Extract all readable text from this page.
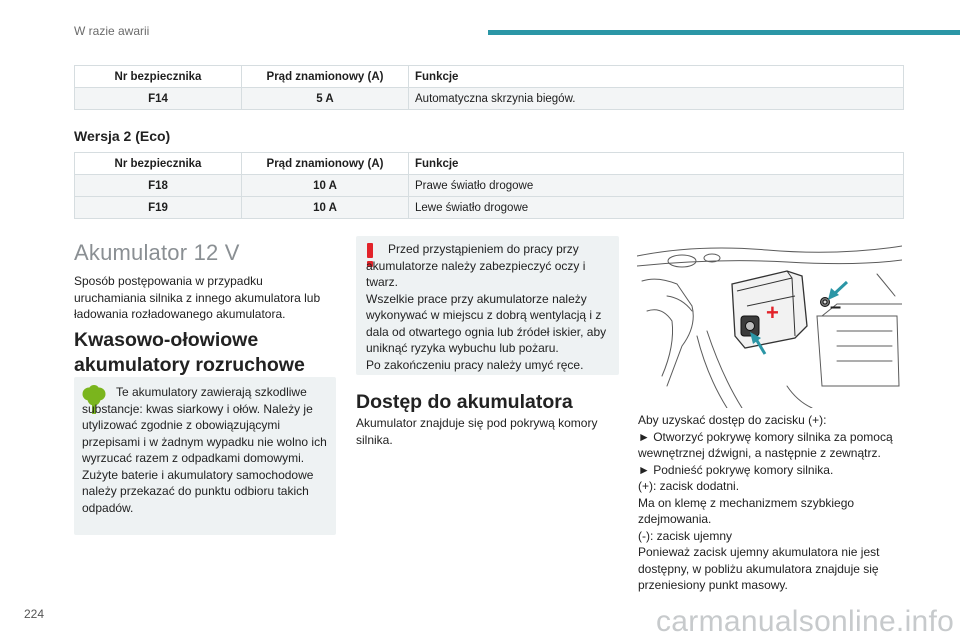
W razie awarii
Nr bezpiecznika	Prąd znamionowy (A)	Funkcje
F14	5 A	Automatyczna skrzynia biegów.
Wersja 2 (Eco)
Nr bezpiecznika	Prąd znamionowy (A)	Funkcje
F18	10 A	Prawe światło drogowe
F19	10 A	Lewe światło drogowe
Akumulator 12 V
Sposób postępowania w przypadku uruchamiania silnika z innego akumulatora lub ładowania rozładowanego akumulatora.
Kwasowo-ołowiowe akumulatory rozruchowe
Te akumulatory zawierają szkodliwe substancje: kwas siarkowy i ołów. Należy je utylizować zgodnie z obowiązującymi przepisami i w żadnym wypadku nie wolno ich wyrzucać razem z odpadkami domowymi.
Zużyte baterie i akumulatory samochodowe należy przekazać do punktu odbioru takich odpadów.
Przed przystąpieniem do pracy przy akumulatorze należy zabezpieczyć oczy i twarz.
Wszelkie prace przy akumulatorze należy wykonywać w miejscu z dobrą wentylacją i z dala od otwartego ognia lub źródeł iskier, aby uniknąć ryzyka wybuchu lub pożaru.
Po zakończeniu pracy należy umyć ręce.
Dostęp do akumulatora
Akumulator znajduje się pod pokrywą komory silnika.
+	–
Aby uzyskać dostęp do zacisku (+):
► Otworzyć pokrywę komory silnika za pomocą wewnętrznej dźwigni, a następnie z zewnątrz.
► Podnieść pokrywę komory silnika.
(+): zacisk dodatni.
Ma on klemę z mechanizmem szybkiego zdejmowania.
(-): zacisk ujemny
Ponieważ zacisk ujemny akumulatora nie jest dostępny, w pobliżu akumulatora znajduje się przeniesiony punkt masowy.
224	carmanualsonline.info
